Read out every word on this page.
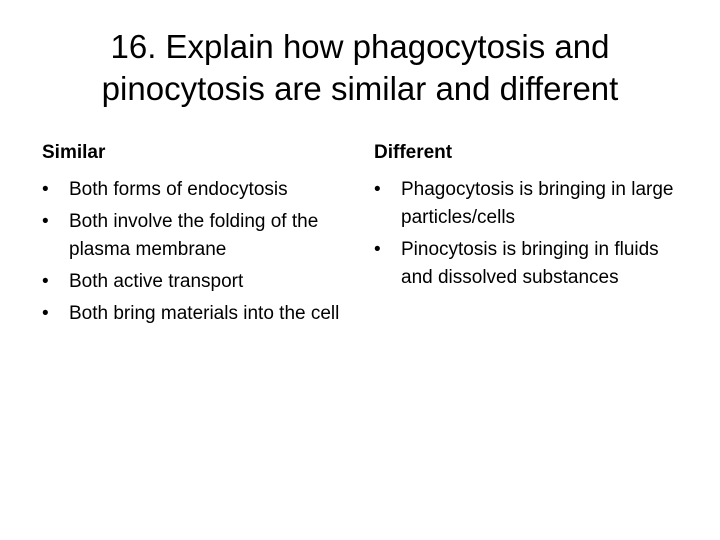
16. Explain how phagocytosis and
pinocytosis are similar and different
Similar
•	Both forms of endocytosis
•	Both involve the folding of the plasma membrane
•	Both active transport
•	Both bring materials into the cell
Different
•	Phagocytosis is bringing in large particles/cells
•	Pinocytosis is bringing in fluids and dissolved substances
